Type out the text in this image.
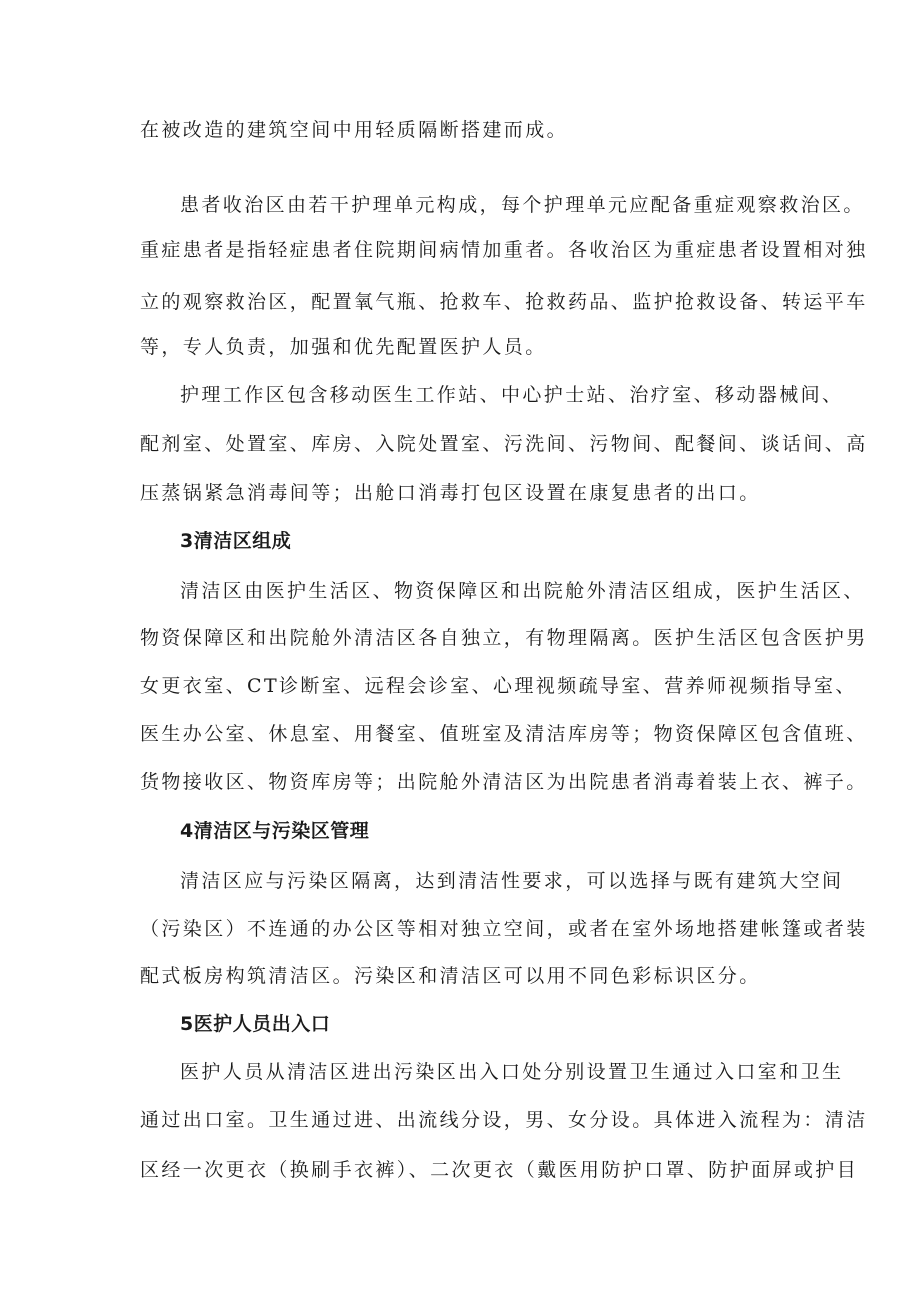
在被改造的建筑空间中用轻质隔断搭建而成。
患者收治区由若干护理单元构成，每个护理单元应配备重症观察救治区。
重症患者是指轻症患者住院期间病情加重者。各收治区为重症患者设置相对独
立的观察救治区，配置氧气瓶、抢救车、抢救药品、监护抢救设备、转运平车
等，专人负责，加强和优先配置医护人员。
护理工作区包含移动医生工作站、中心护士站、治疗室、移动器械间、
配剂室、处置室、库房、入院处置室、污洗间、污物间、配餐间、谈话间、高
压蒸锅紧急消毒间等；出舱口消毒打包区设置在康复患者的出口。
3清洁区组成
清洁区由医护生活区、物资保障区和出院舱外清洁区组成，医护生活区、
物资保障区和出院舱外清洁区各自独立，有物理隔离。医护生活区包含医护男
女更衣室、CT诊断室、远程会诊室、心理视频疏导室、营养师视频指导室、
医生办公室、休息室、用餐室、值班室及清洁库房等；物资保障区包含值班、
货物接收区、物资库房等；出院舱外清洁区为出院患者消毒着装上衣、裤子。
4清洁区与污染区管理
清洁区应与污染区隔离，达到清洁性要求，可以选择与既有建筑大空间
（污染区）不连通的办公区等相对独立空间，或者在室外场地搭建帐篷或者装
配式板房构筑清洁区。污染区和清洁区可以用不同色彩标识区分。
5医护人员出入口
医护人员从清洁区进出污染区出入口处分别设置卫生通过入口室和卫生
通过出口室。卫生通过进、出流线分设，男、女分设。具体进入流程为：清洁
区经一次更衣（换刷手衣裤）、二次更衣（戴医用防护口罩、防护面屏或护目
